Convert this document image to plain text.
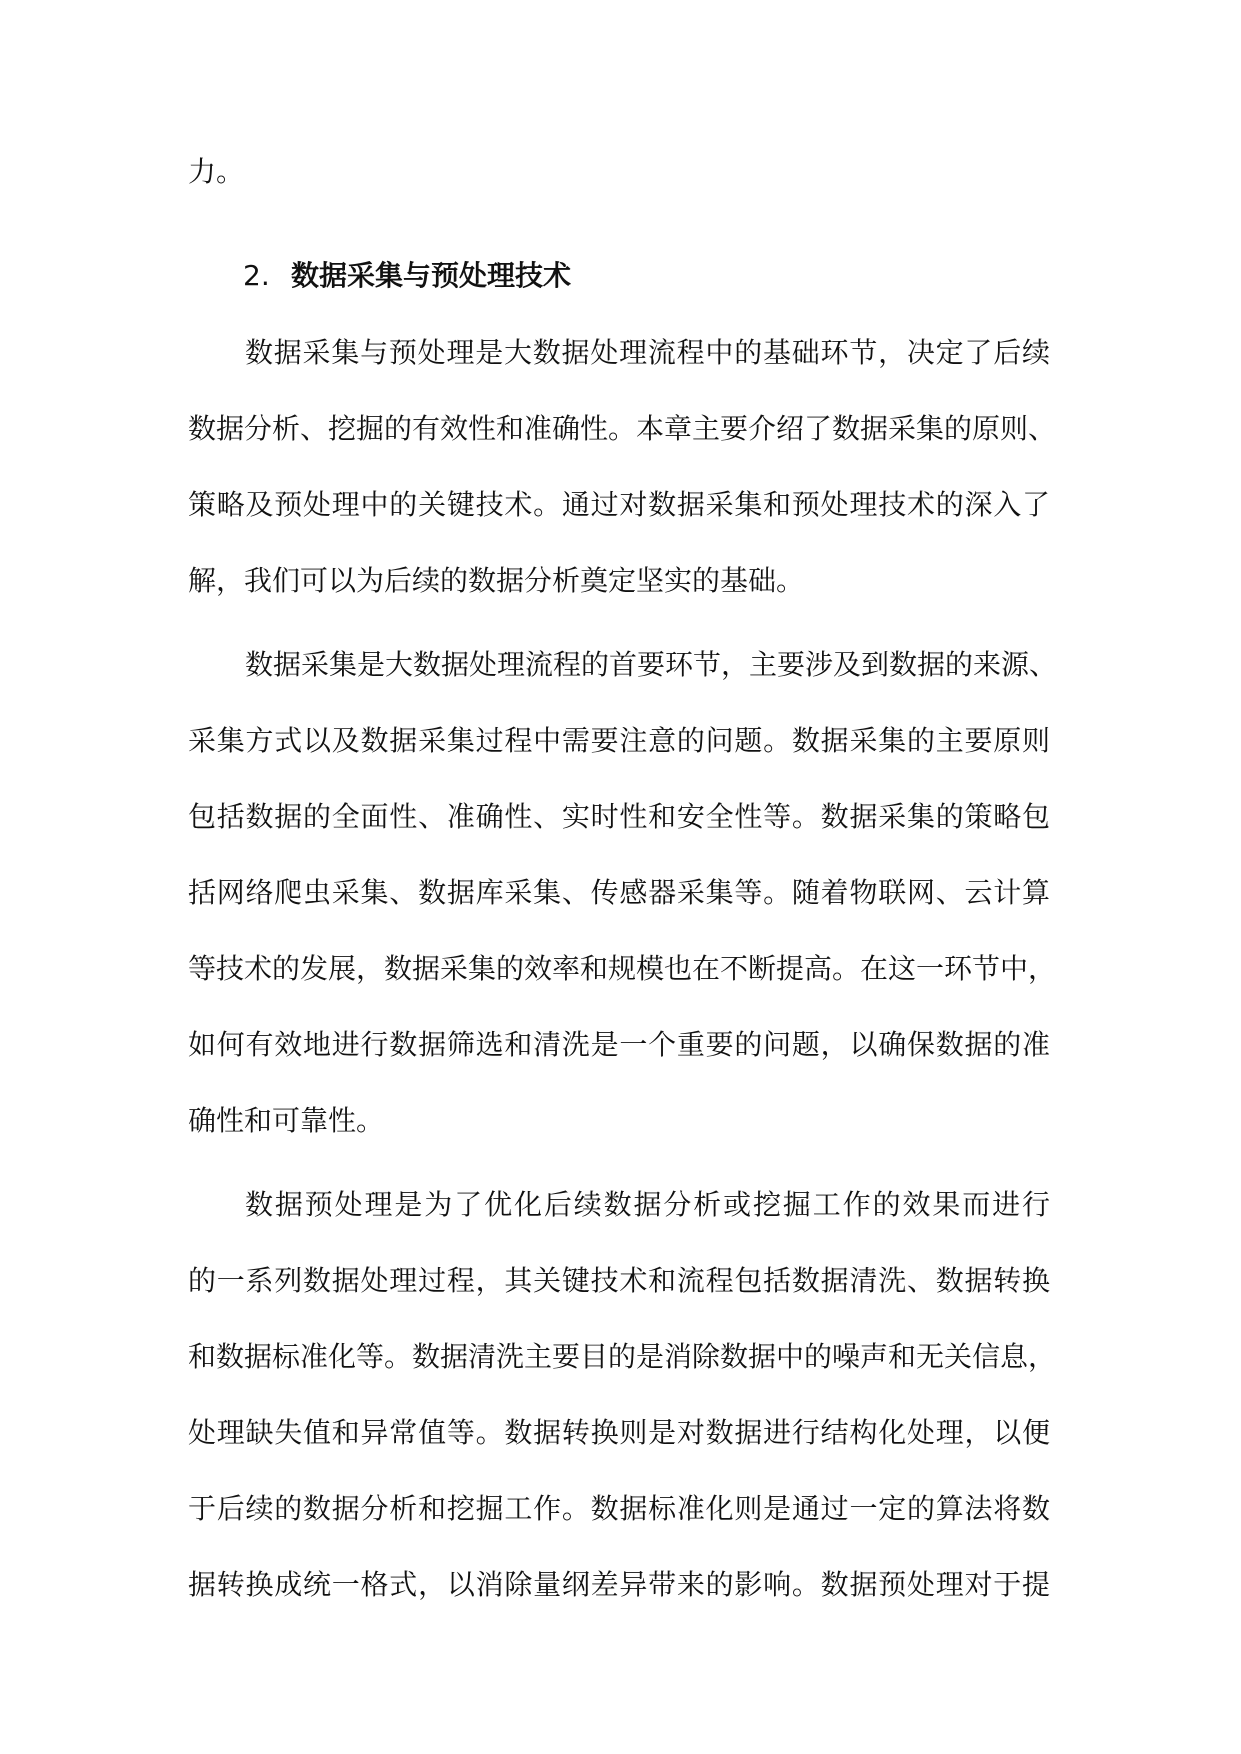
力。
2. 数据采集与预处理技术
数据采集与预处理是大数据处理流程中的基础环节，决定了后续
数据分析、挖掘的有效性和准确性。本章主要介绍了数据采集的原则、
策略及预处理中的关键技术。通过对数据采集和预处理技术的深入了
解，我们可以为后续的数据分析奠定坚实的基础。
数据采集是大数据处理流程的首要环节，主要涉及到数据的来源、
采集方式以及数据采集过程中需要注意的问题。数据采集的主要原则
包括数据的全面性、准确性、实时性和安全性等。数据采集的策略包
括网络爬虫采集、数据库采集、传感器采集等。随着物联网、云计算
等技术的发展，数据采集的效率和规模也在不断提高。在这一环节中，
如何有效地进行数据筛选和清洗是一个重要的问题，以确保数据的准
确性和可靠性。
数据预处理是为了优化后续数据分析或挖掘工作的效果而进行
的一系列数据处理过程，其关键技术和流程包括数据清洗、数据转换
和数据标准化等。数据清洗主要目的是消除数据中的噪声和无关信息，
处理缺失值和异常值等。数据转换则是对数据进行结构化处理，以便
于后续的数据分析和挖掘工作。数据标准化则是通过一定的算法将数
据转换成统一格式，以消除量纲差异带来的影响。数据预处理对于提
